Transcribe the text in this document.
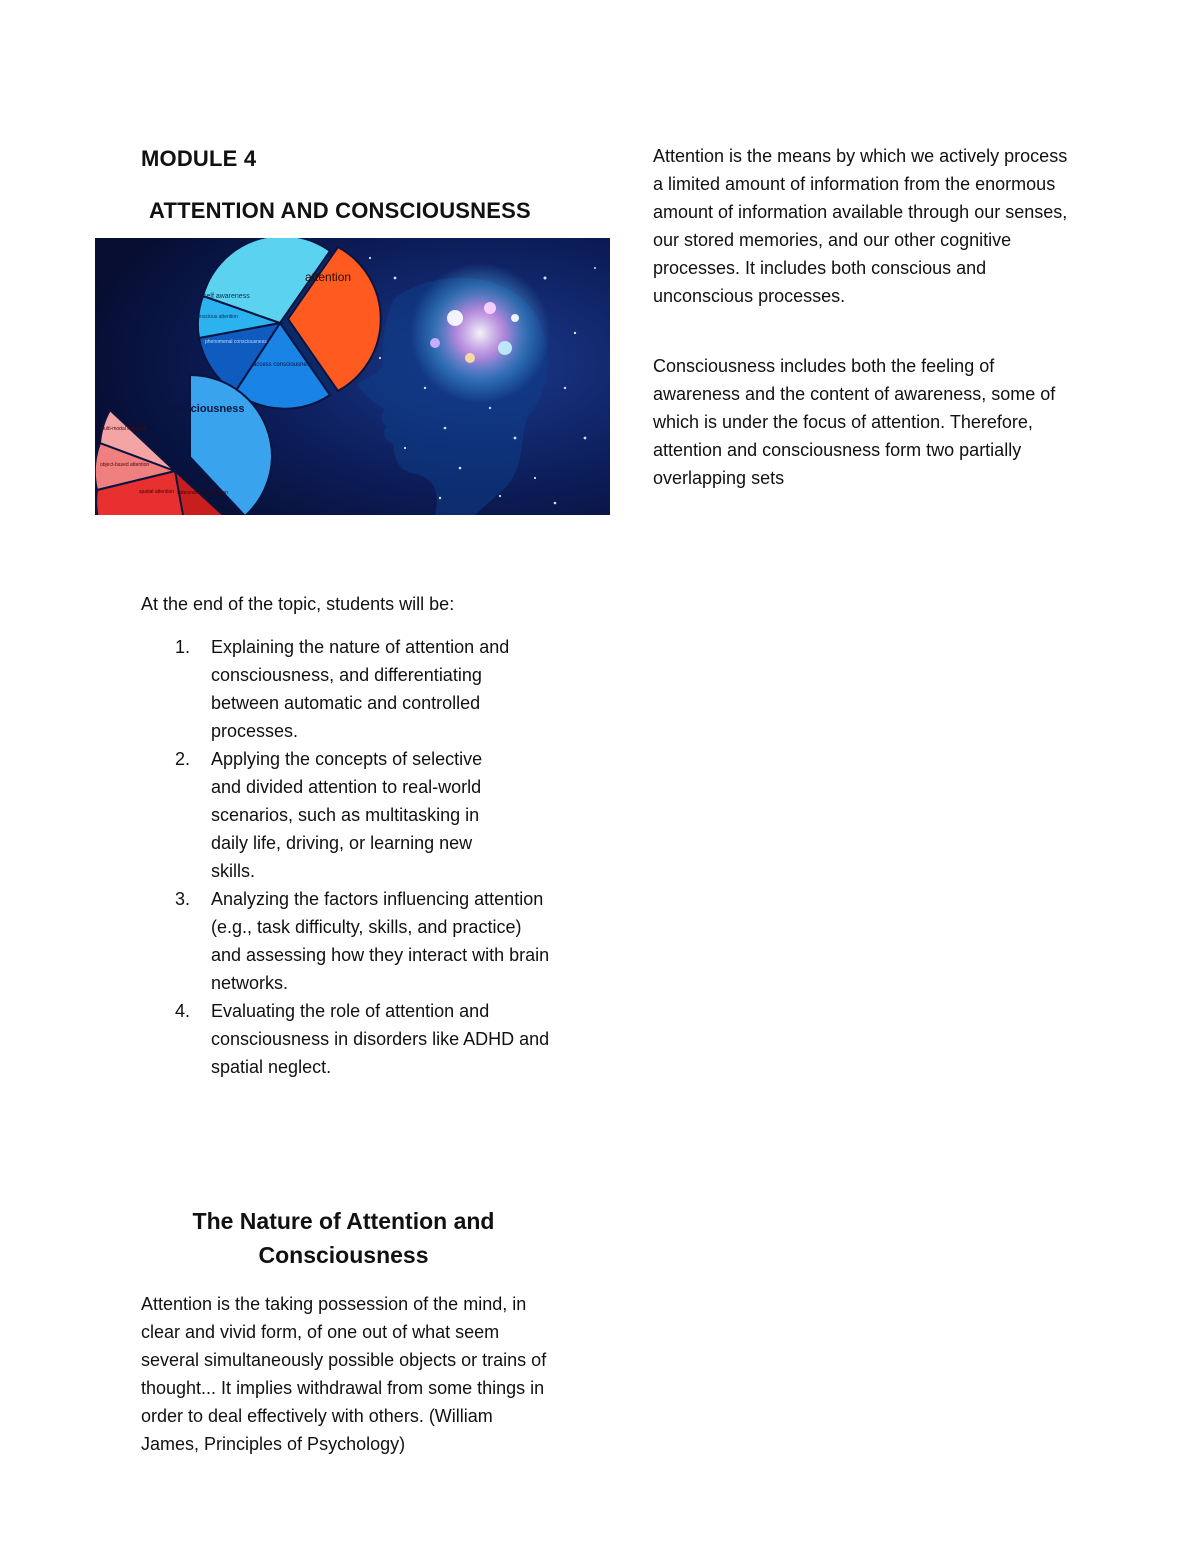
MODULE 4
ATTENTION AND CONSCIOUSNESS
attention
self awareness
conscious attention
phenomenal consciousness
access consciousness
consciousness
multi-modal attention
object-based attention
spatial attention subconscious attention

Attention is the means by which we actively process a limited amount of information from the enormous amount of information available through our senses, our stored memories, and our other cognitive processes. It includes both conscious and unconscious processes.

Consciousness includes both the feeling of awareness and the content of awareness, some of which is under the focus of attention. Therefore, attention and consciousness form two partially overlapping sets

At the end of the topic, students will be:

1. Explaining the nature of attention and consciousness, and differentiating between automatic and controlled processes.
2. Applying the concepts of selective and divided attention to real-world scenarios, such as multitasking in daily life, driving, or learning new skills.
3. Analyzing the factors influencing attention (e.g., task difficulty, skills, and practice) and assessing how they interact with brain networks.
4. Evaluating the role of attention and consciousness in disorders like ADHD and spatial neglect.
The Nature of Attention and Consciousness

Attention is the taking possession of the mind, in clear and vivid form, of one out of what seem several simultaneously possible objects or trains of thought... It implies withdrawal from some things in order to deal effectively with others. (William James, Principles of Psychology)
